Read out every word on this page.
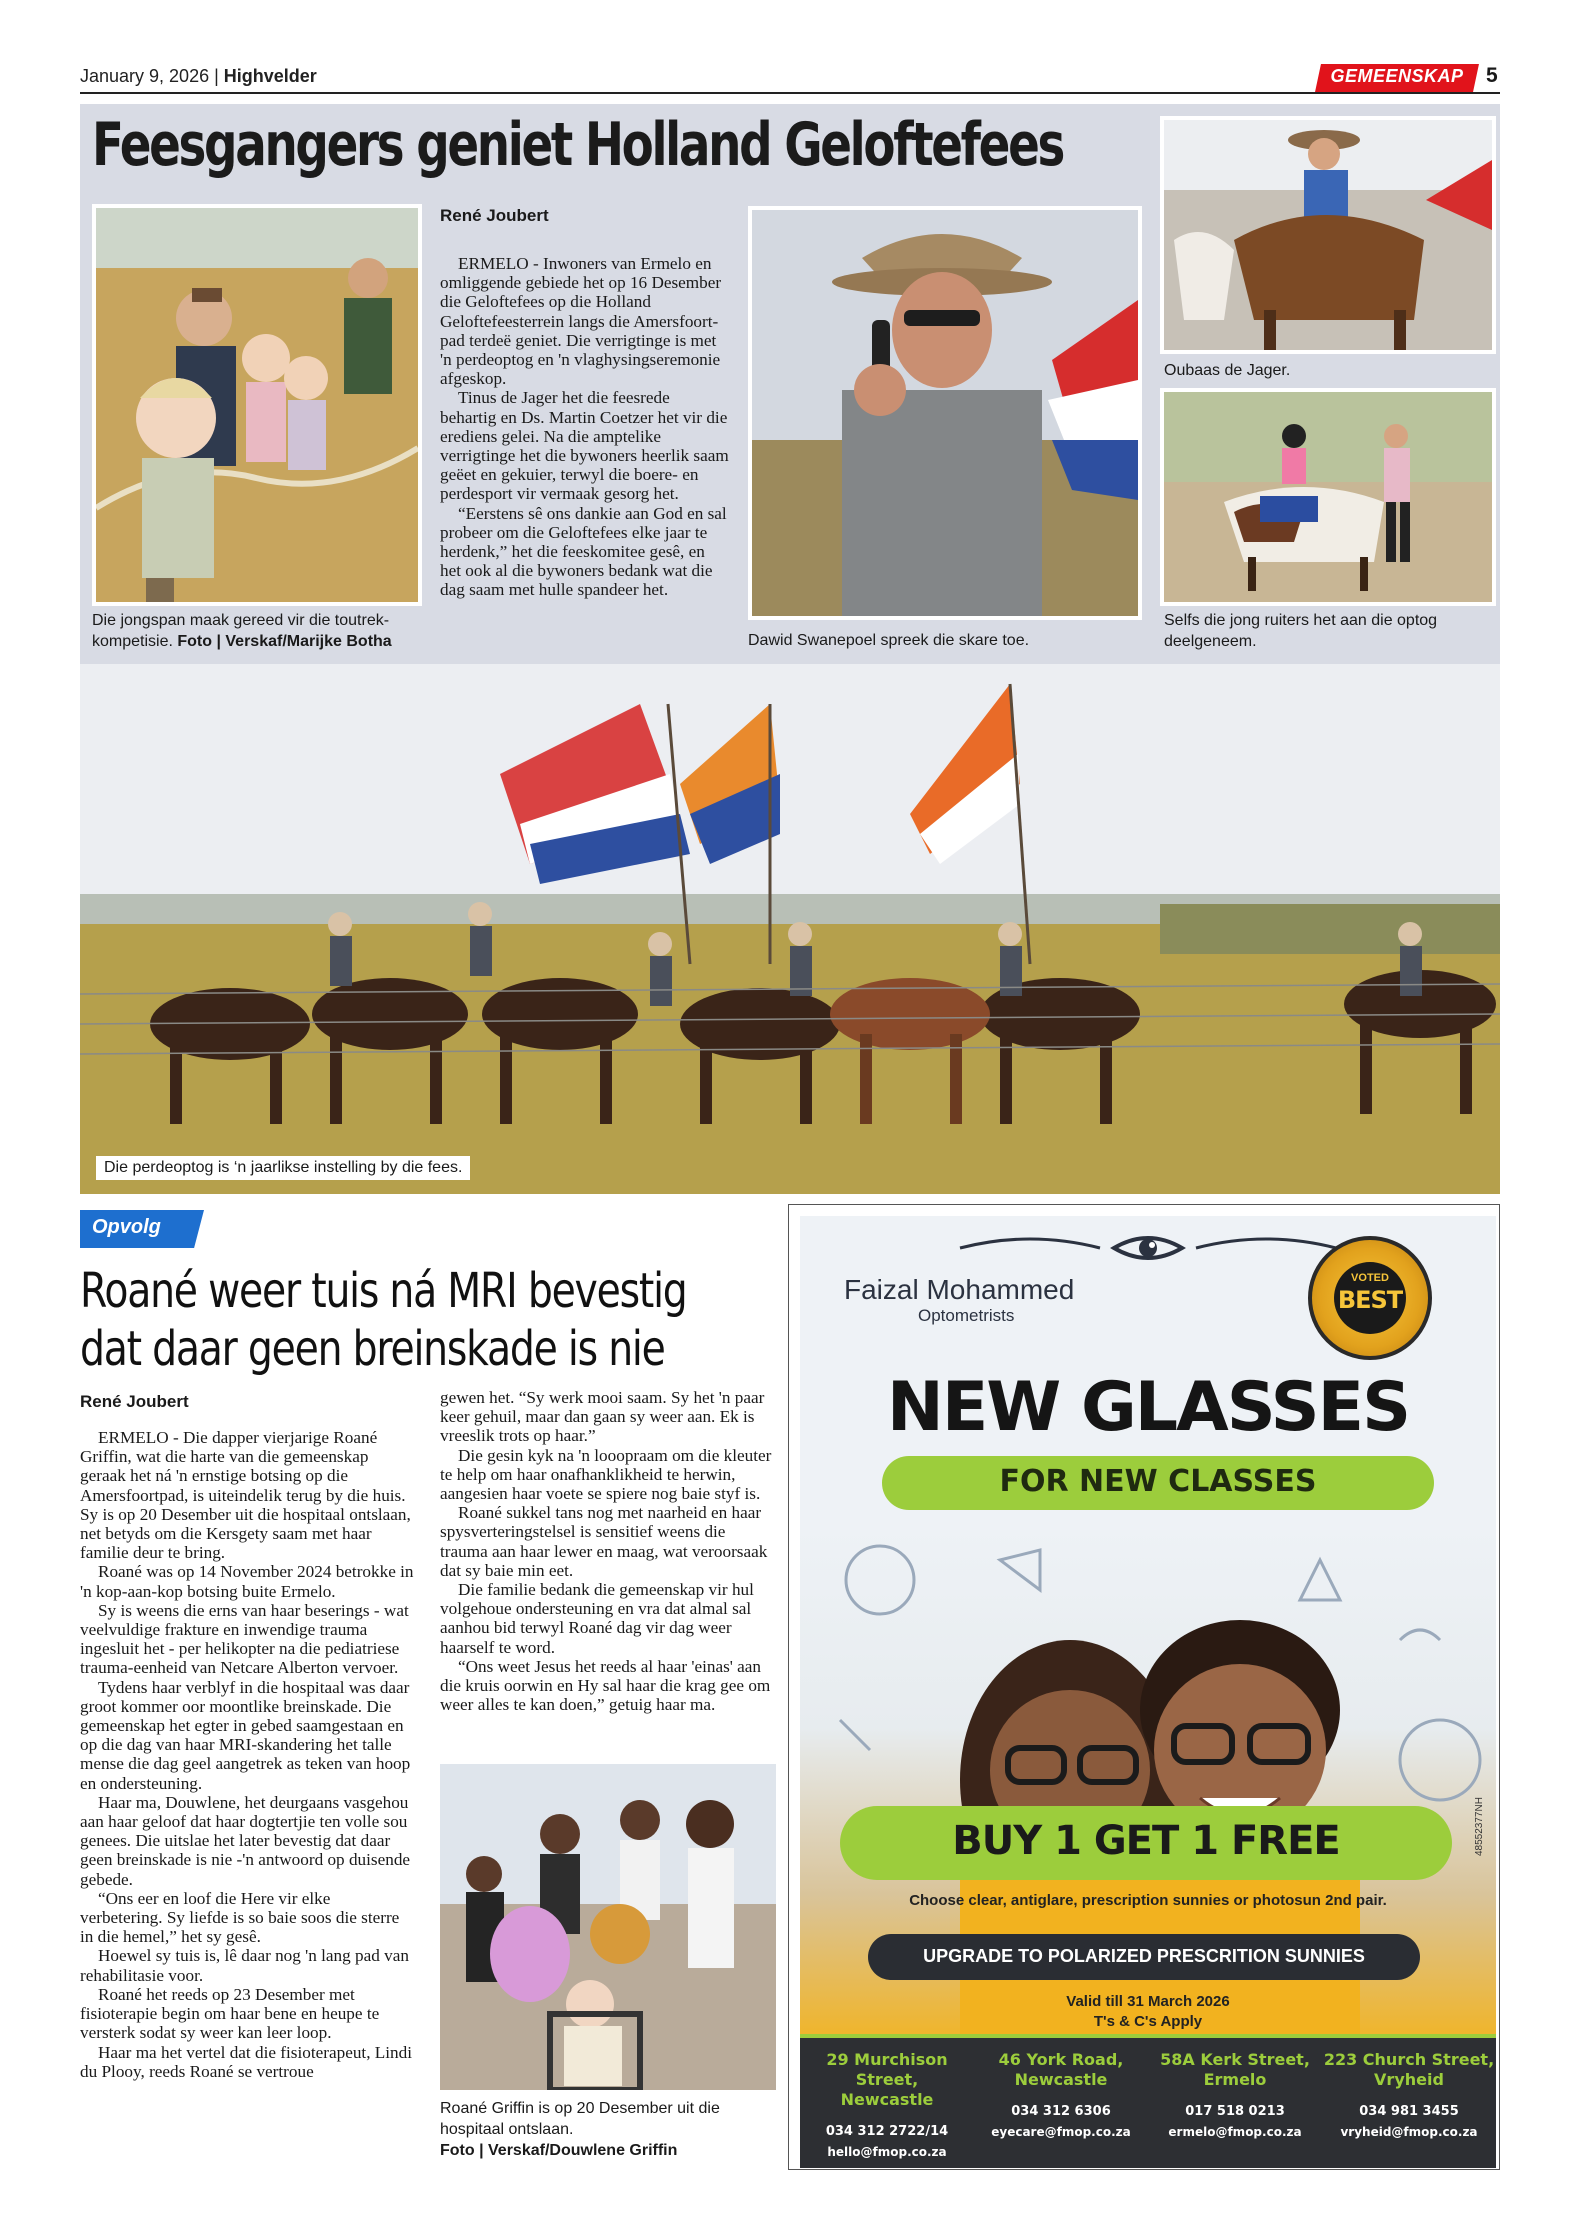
January 9, 2026 | Highvelder	GEMEENSKAP	5
Feesgangers geniet Holland Geloftefees
Die jongspan maak gereed vir die toutrek-kompetisie. Foto | Verskaf/Marijke Botha
René Joubert

ERMELO - Inwoners van Ermelo en omliggende gebiede het op 16 Desember die Geloftefees op die Holland Geloftefeesterrein langs die Amersfoort-pad terdeë geniet. Die verrigtinge is met 'n perdeoptog en 'n vlaghysingseremonie afgeskop.

Tinus de Jager het die feesrede behartig en Ds. Martin Coetzer het vir die erediens gelei. Na die amptelike verrigtinge het die bywoners heerlik saam geëet en gekuier, terwyl die boere- en perdesport vir vermaak gesorg het.

“Eerstens sê ons dankie aan God en sal probeer om die Geloftefees elke jaar te herdenk,” het die feeskomitee gesê, en het ook al die bywoners bedank wat die dag saam met hulle spandeer het.

Dawid Swanepoel spreek die skare toe.
Oubaas de Jager.
Selfs die jong ruiters het aan die optog deelgeneem.
Die perdeoptog is ‘n jaarlikse instelling by die fees.
Opvolg
Roané weer tuis ná MRI bevestig
dat daar geen breinskade is nie
René Joubert

ERMELO - Die dapper vierjarige Roané Griffin, wat die harte van die gemeenskap geraak het ná 'n ernstige botsing op die Amersfoortpad, is uiteindelik terug by die huis. Sy is op 20 Desember uit die hospitaal ontslaan, net betyds om die Kersgety saam met haar familie deur te bring.

Roané was op 14 November 2024 betrokke in 'n kop-aan-kop botsing buite Ermelo.

Sy is weens die erns van haar beserings - wat veelvuldige frakture en inwendige trauma ingesluit het - per helikopter na die pediatriese trauma-eenheid van Netcare Alberton vervoer.

Tydens haar verblyf in die hospitaal was daar groot kommer oor moontlike breinskade. Die gemeenskap het egter in gebed saamgestaan en op die dag van haar MRI-skandering het talle mense die dag geel aangetrek as teken van hoop en ondersteuning.

Haar ma, Douwlene, het deurgaans vasgehou aan haar geloof dat haar dogtertjie ten volle sou genees. Die uitslae het later bevestig dat daar geen breinskade is nie -'n antwoord op duisende gebede.

“Ons eer en loof die Here vir elke verbetering. Sy liefde is so baie soos die sterre in die hemel,” het sy gesê.

Hoewel sy tuis is, lê daar nog 'n lang pad van rehabilitasie voor.

Roané het reeds op 23 Desember met fisioterapie begin om haar bene en heupe te versterk sodat sy weer kan leer loop.

Haar ma het vertel dat die fisioterapeut, Lindi du Plooy, reeds Roané se vertroue

gewen het. “Sy werk mooi saam. Sy het 'n paar keer gehuil, maar dan gaan sy weer aan. Ek is vreeslik trots op haar.”

Die gesin kyk na 'n looopraam om die kleuter te help om haar onafhanklikheid te herwin, aangesien haar voete se spiere nog baie styf is.

Roané sukkel tans nog met naarheid en haar spysverteringstelsel is sensitief weens die trauma aan haar lewer en maag, wat veroorsaak dat sy baie min eet.

Die familie bedank die gemeenskap vir hul volgehoue ondersteuning en vra dat almal sal aanhou bid terwyl Roané dag vir dag weer haarself te word.

“Ons weet Jesus het reeds al haar 'einas' aan die kruis oorwin en Hy sal haar die krag gee om weer alles te kan doen,” getuig haar ma.

Roané Griffin is op 20 Desember uit die hospitaal ontslaan.
Foto | Verskaf/Douwlene Griffin
Faizal Mohammed
Optometrists
VOTED
BEST
NEW GLASSES
FOR NEW CLASSES
BUY 1 GET 1 FREE
Choose clear, antiglare, prescription sunnies or photosun 2nd pair.
48552377NH
UPGRADE TO POLARIZED PRESCRITION SUNNIES
Valid till 31 March 2026
T's & C's Apply
29 Murchison Street,
Newcastle
034 312 2722/14
hello@fmop.co.za
46 York Road,
Newcastle
034 312 6306
eyecare@fmop.co.za
58A Kerk Street,
Ermelo
017 518 0213
ermelo@fmop.co.za
223 Church Street,
Vryheid
034 981 3455
vryheid@fmop.co.za
